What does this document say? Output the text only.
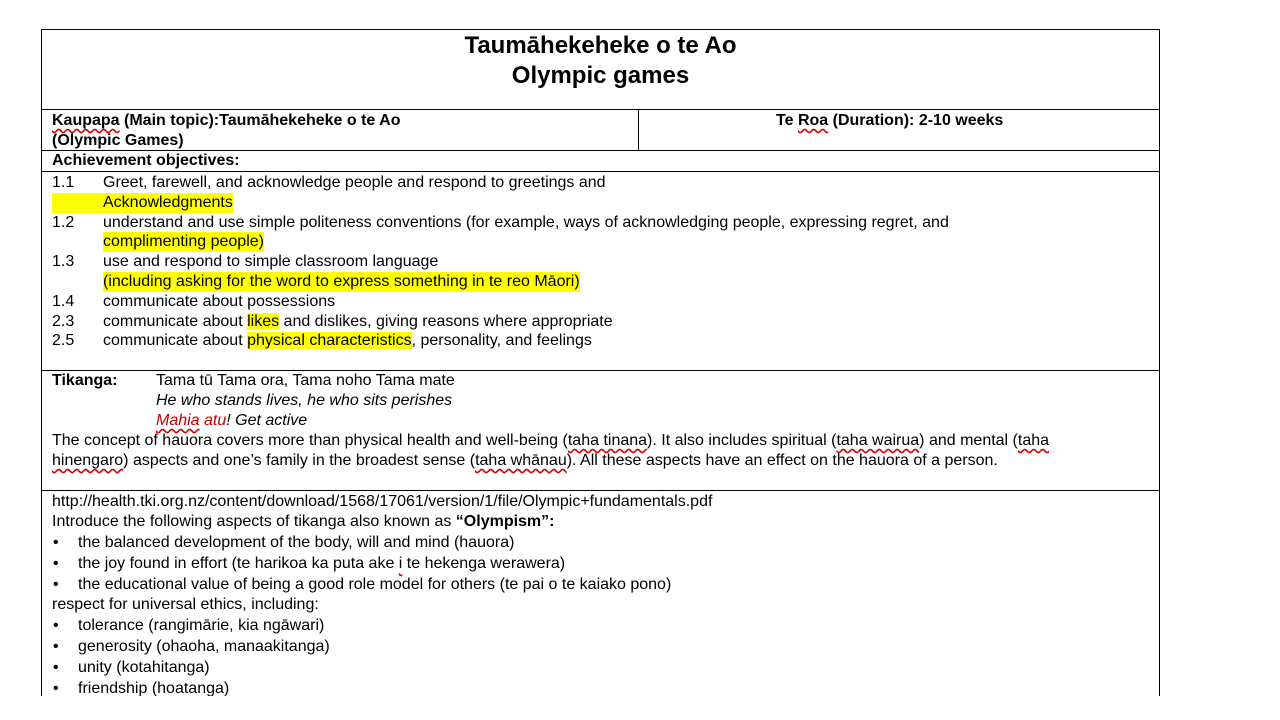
Taumāhekeheke o te Ao
Olympic games
Kaupapa (Main topic):Taumāhekeheke o te Ao
(Olympic Games)
Te Roa (Duration): 2-10 weeks
Achievement objectives:
1.1 Greet, farewell, and acknowledge people and respond to greetings and
Acknowledgments
1.2 understand and use simple politeness conventions (for example, ways of acknowledging people, expressing regret, and
complimenting people)
1.3 use and respond to simple classroom language
(including asking for the word to express something in te reo Māori)
1.4 communicate about possessions
2.3 communicate about likes and dislikes, giving reasons where appropriate
2.5 communicate about physical characteristics, personality, and feelings
Tikanga: Tama tū Tama ora, Tama noho Tama mate
He who stands lives, he who sits perishes
Mahia atu! Get active
The concept of hauora covers more than physical health and well-being (taha tinana). It also includes spiritual (taha wairua) and mental (taha
hinengaro) aspects and one’s family in the broadest sense (taha whānau). All these aspects have an effect on the hauora of a person.
http://health.tki.org.nz/content/download/1568/17061/version/1/file/Olympic+fundamentals.pdf
Introduce the following aspects of tikanga also known as “Olympism”:
• the balanced development of the body, will and mind (hauora)
• the joy found in effort (te harikoa ka puta ake i te hekenga werawera)
• the educational value of being a good role model for others (te pai o te kaiako pono)
respect for universal ethics, including:
• tolerance (rangimārie, kia ngāwari)
• generosity (ohaoha, manaakitanga)
• unity (kotahitanga)
• friendship (hoatanga)
